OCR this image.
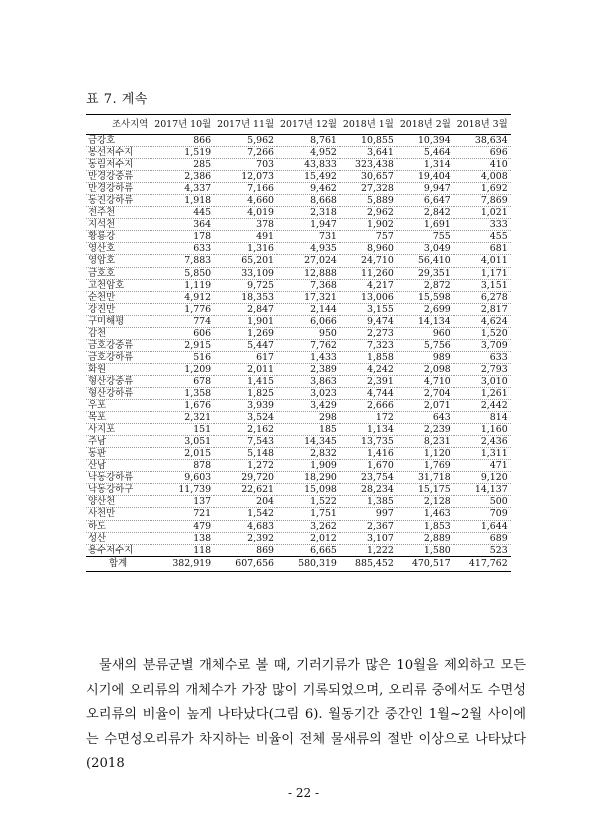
표 7. 계속
조사지역	2017년 10월	2017년 11월	2017년 12월	2018년 1월	2018년 2월	2018년 3월
금강호	866	5,962	8,761	10,855	10,394	38,634
봉선저수지	1,519	7,266	4,952	3,641	5,464	696
동림저수지	285	703	43,833	323,438	1,314	410
만경강중류	2,386	12,073	15,492	30,657	19,404	4,008
만경강하류	4,337	7,166	9,462	27,328	9,947	1,692
동진강하류	1,918	4,660	8,668	5,889	6,647	7,869
전주천	445	4,019	2,318	2,962	2,842	1,021
지석천	364	378	1,947	1,902	1,691	333
황룡강	178	491	731	757	755	455
영산호	633	1,316	4,935	8,960	3,049	681
영암호	7,883	65,201	27,024	24,710	56,410	4,011
금호호	5,850	33,109	12,888	11,260	29,351	1,171
고천암호	1,119	9,725	7,368	4,217	2,872	3,151
순천만	4,912	18,353	17,321	13,006	15,598	6,278
강진만	1,776	2,847	2,144	3,155	2,699	2,817
구미해평	774	1,901	6,066	9,474	14,134	4,624
감천	606	1,269	950	2,273	960	1,520
금호강중류	2,915	5,447	7,762	7,323	5,756	3,709
금호강하류	516	617	1,433	1,858	989	633
화원	1,209	2,011	2,389	4,242	2,098	2,793
형산강중류	678	1,415	3,863	2,391	4,710	3,010
형산강하류	1,358	1,825	3,023	4,744	2,704	1,261
우포	1,676	3,939	3,429	2,666	2,071	2,442
목포	2,321	3,524	298	172	643	814
사지포	151	2,162	185	1,134	2,239	1,160
주남	3,051	7,543	14,345	13,735	8,231	2,436
동판	2,015	5,148	2,832	1,416	1,120	1,311
산남	878	1,272	1,909	1,670	1,769	471
낙동강하류	9,603	29,720	18,290	23,754	31,718	9,120
낙동강하구	11,739	22,621	15,098	28,234	15,175	14,137
양산천	137	204	1,522	1,385	2,128	500
사천만	721	1,542	1,751	997	1,463	709
하도	479	4,683	3,262	2,367	1,853	1,644
성산	138	2,392	2,012	3,107	2,889	689
용수저수지	118	869	6,665	1,222	1,580	523
합계	382,919	607,656	580,319	885,452	470,517	417,762

물새의 분류군별 개체수로 볼 때, 기러기류가 많은 10월을 제외하고 모든 시기에 오리류의 개체수가 가장 많이 기록되었으며, 오리류 중에서도 수면성 오리류의 비율이 높게 나타났다(그림 6). 월동기간 중간인 1월~2월 사이에는 수면성오리류가 차지하는 비율이 전체 물새류의 절반 이상으로 나타났다(2018

- 22 -
